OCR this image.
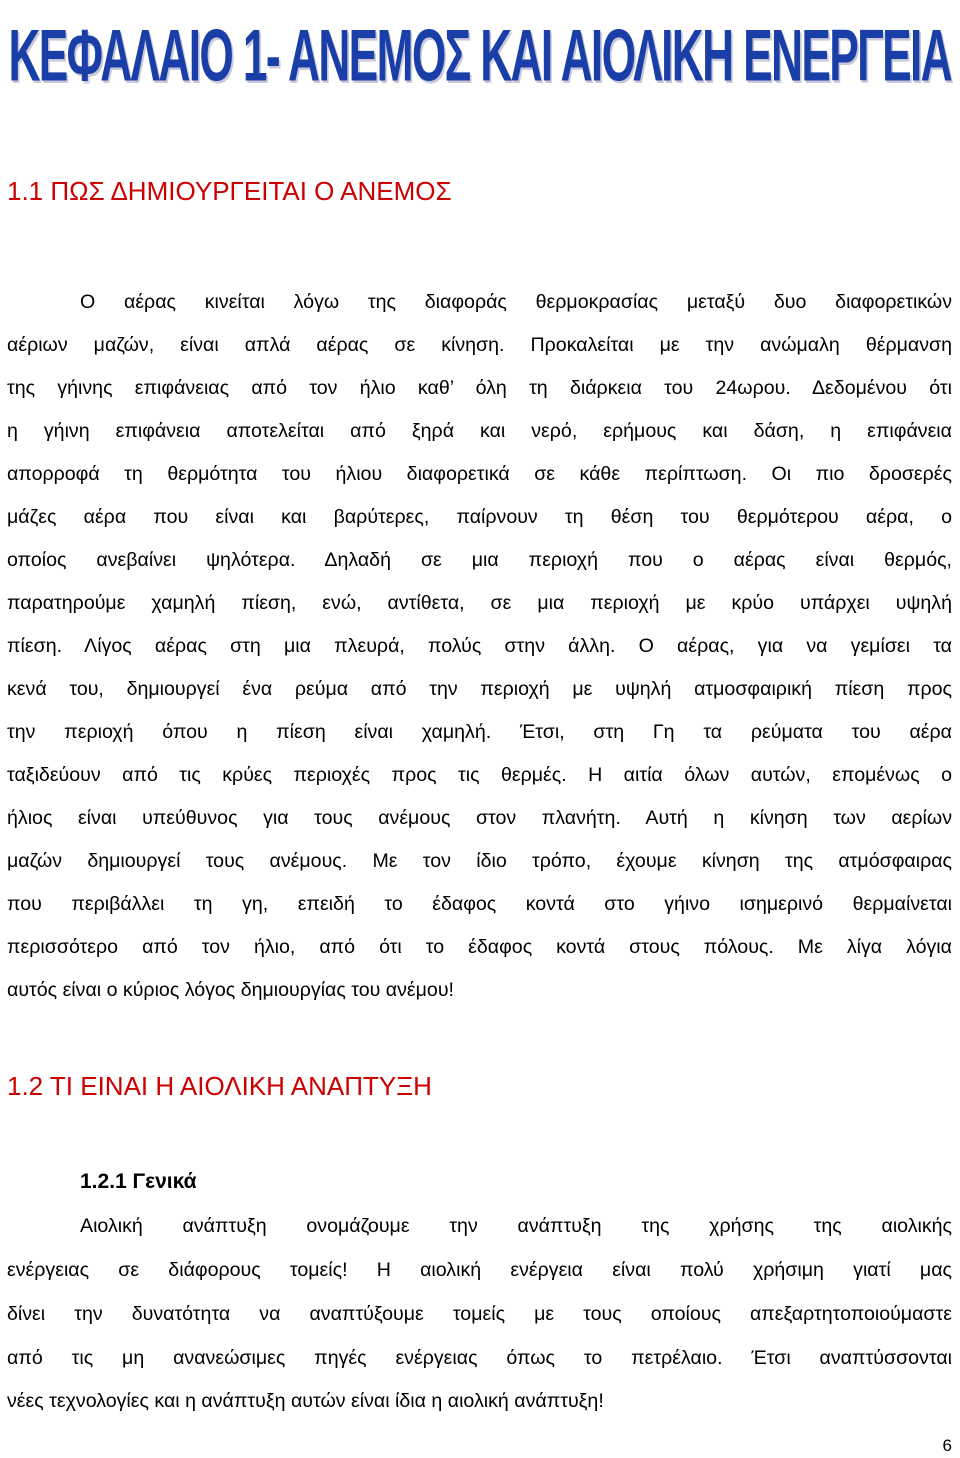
ΚΕΦΑΛΑΙΟ 1- ΑΝΕΜΟΣ ΚΑΙ ΑΙΟΛΙΚΗ ΕΝΕΡΓΕΙΑ
1.1 ΠΩΣ ΔΗΜΙΟΥΡΓΕΙΤΑΙ Ο ΑΝΕΜΟΣ
Ο αέρας κινείται λόγω της διαφοράς θερμοκρασίας μεταξύ δυο διαφορετικών
αέριων μαζών, είναι απλά αέρας σε κίνηση. Προκαλείται με την ανώμαλη θέρμανση
της γήινης επιφάνειας από τον ήλιο καθ’ όλη τη διάρκεια του 24ωρου. Δεδομένου ότι
η γήινη επιφάνεια αποτελείται από ξηρά και νερό, ερήμους και δάση, η επιφάνεια
απορροφά τη θερμότητα του ήλιου διαφορετικά σε κάθε περίπτωση. Οι πιο δροσερές
μάζες αέρα που είναι και βαρύτερες, παίρνουν τη θέση του θερμότερου αέρα, ο
οποίος ανεβαίνει ψηλότερα. Δηλαδή σε μια περιοχή που ο αέρας είναι θερμός,
παρατηρούμε χαμηλή πίεση, ενώ, αντίθετα, σε μια περιοχή με κρύο υπάρχει υψηλή
πίεση. Λίγος αέρας στη μια πλευρά, πολύς στην άλλη. Ο αέρας, για να γεμίσει τα
κενά του, δημιουργεί ένα ρεύμα από την περιοχή με υψηλή ατμοσφαιρική πίεση προς
την περιοχή όπου η πίεση είναι χαμηλή. Έτσι, στη Γη τα ρεύματα του αέρα
ταξιδεύουν από τις κρύες περιοχές προς τις θερμές. Η αιτία όλων αυτών, επομένως ο
ήλιος είναι υπεύθυνος για τους ανέμους στον πλανήτη. Αυτή η κίνηση των αερίων
μαζών δημιουργεί τους ανέμους. Με τον ίδιο τρόπο, έχουμε κίνηση της ατμόσφαιρας
που περιβάλλει τη γη, επειδή το έδαφος κοντά στο γήινο ισημερινό θερμαίνεται
περισσότερο από τον ήλιο, από ότι το έδαφος κοντά στους πόλους. Με λίγα λόγια
αυτός είναι ο κύριος λόγος δημιουργίας του ανέμου!
1.2 ΤΙ ΕΙΝΑΙ Η ΑΙΟΛΙΚΗ ΑΝΑΠΤΥΞΗ
1.2.1 Γενικά
Αιολική ανάπτυξη ονομάζουμε την ανάπτυξη της χρήσης της αιολικής
ενέργειας σε διάφορους τομείς! Η αιολική ενέργεια είναι πολύ χρήσιμη γιατί μας
δίνει την δυνατότητα να αναπτύξουμε τομείς με τους οποίους απεξαρτητοποιούμαστε
από τις μη ανανεώσιμες πηγές ενέργειας όπως το πετρέλαιο. Έτσι αναπτύσσονται
νέες τεχνολογίες και η ανάπτυξη αυτών είναι ίδια η αιολική ανάπτυξη!
6
